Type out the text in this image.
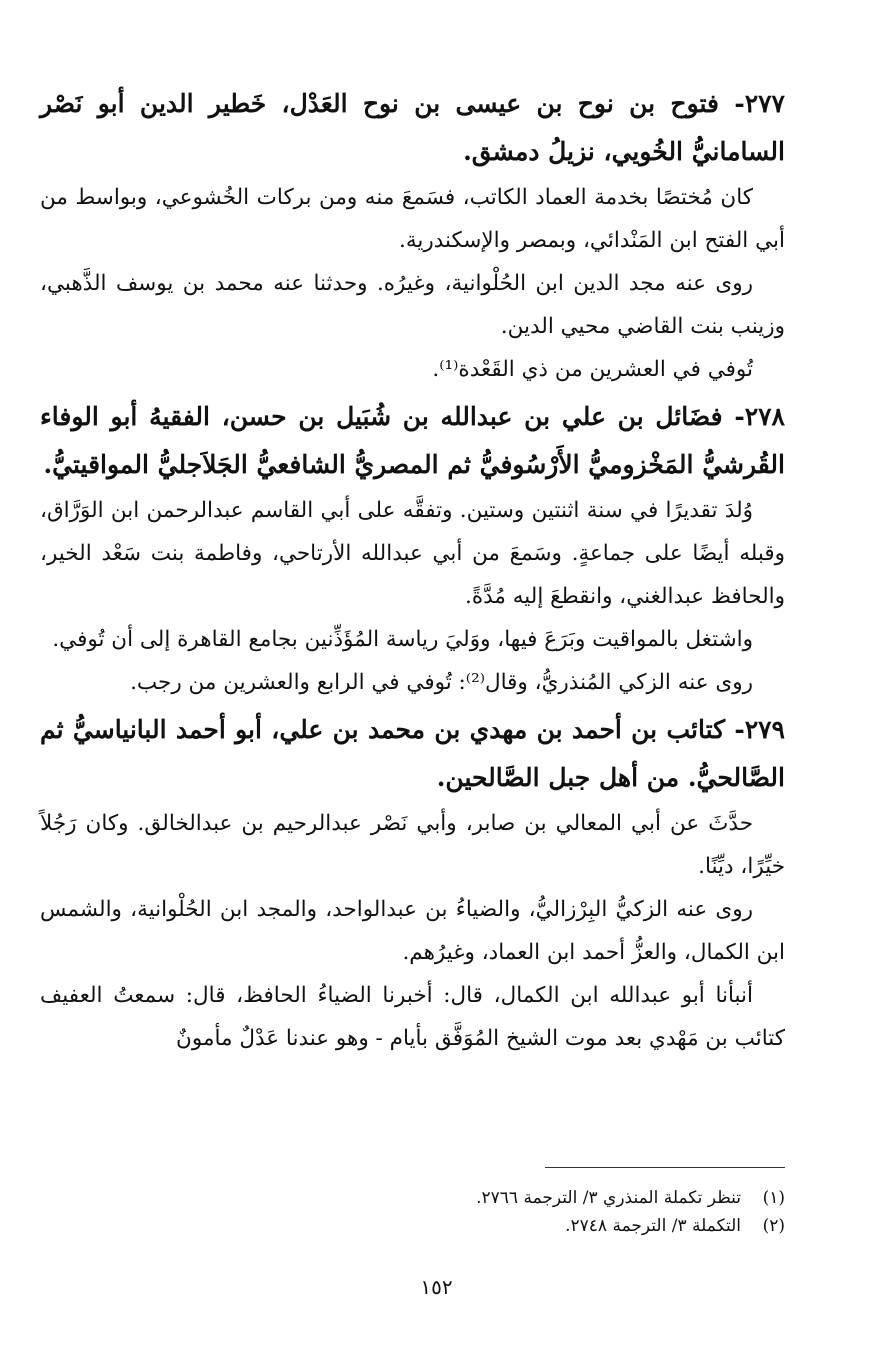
٢٧٧- فتوح بن نوح بن عيسى بن نوح العَدْل، خَطير الدين أبو نَصْر السامانيُّ الخُويي، نزيلُ دمشق.

كان مُختصًا بخدمة العماد الكاتب، فسَمعَ منه ومن بركات الخُشوعي، وبواسط من أبي الفتح ابن المَنْدائي، وبمصر والإسكندرية.

روى عنه مجد الدين ابن الحُلْوانية، وغيرُه. وحدثنا عنه محمد بن يوسف الذَّهبي، وزينب بنت القاضي محيي الدين.

تُوفي في العشرين من ذي القَعْدة⁽¹⁾.

٢٧٨- فضَائل بن علي بن عبدالله بن شُبَيل بن حسن، الفقيهُ أبو الوفاء القُرشيُّ المَخْزوميُّ الأَرْسُوفيُّ ثم المصريُّ الشافعيُّ الجَلاَجليُّ المواقيتيُّ.

وُلدَ تقديرًا في سنة اثنتين وستين. وتفقَّه على أبي القاسم عبدالرحمن ابن الوَرَّاق، وقبله أيضًا على جماعةٍ. وسَمعَ من أبي عبدالله الأرتاحي، وفاطمة بنت سَعْد الخير، والحافظ عبدالغني، وانقطعَ إليه مُدَّةً.

واشتغل بالمواقيت وبَرَعَ فيها، ووَليَ رياسة المُؤَذِّنين بجامع القاهرة إلى أن تُوفي.

روى عنه الزكي المُنذريُّ، وقال⁽²⁾: تُوفي في الرابع والعشرين من رجب.

٢٧٩- كتائب بن أحمد بن مهدي بن محمد بن علي، أبو أحمد البانياسيُّ ثم الصَّالحيُّ. من أهل جبل الصَّالحين.

حدَّثَ عن أبي المعالي بن صابر، وأبي نَصْر عبدالرحيم بن عبدالخالق. وكان رَجُلاً خيِّرًا، ديِّنًا.

روى عنه الزكيُّ البِرْزاليُّ، والضياءُ بن عبدالواحد، والمجد ابن الحُلْوانية، والشمس ابن الكمال، والعزُّ أحمد ابن العماد، وغيرُهم.

أنبأنا أبو عبدالله ابن الكمال، قال: أخبرنا الضياءُ الحافظ، قال: سمعتُ العفيف كتائب بن مَهْدي بعد موت الشيخ المُوَفَّق بأيام - وهو عندنا عَدْلٌ مأمونٌ

(١)
تنظر تكملة المنذري ٣/ الترجمة ٢٧٦٦.
(٢)
التكملة ٣/ الترجمة ٢٧٤٨.
١٥٢
